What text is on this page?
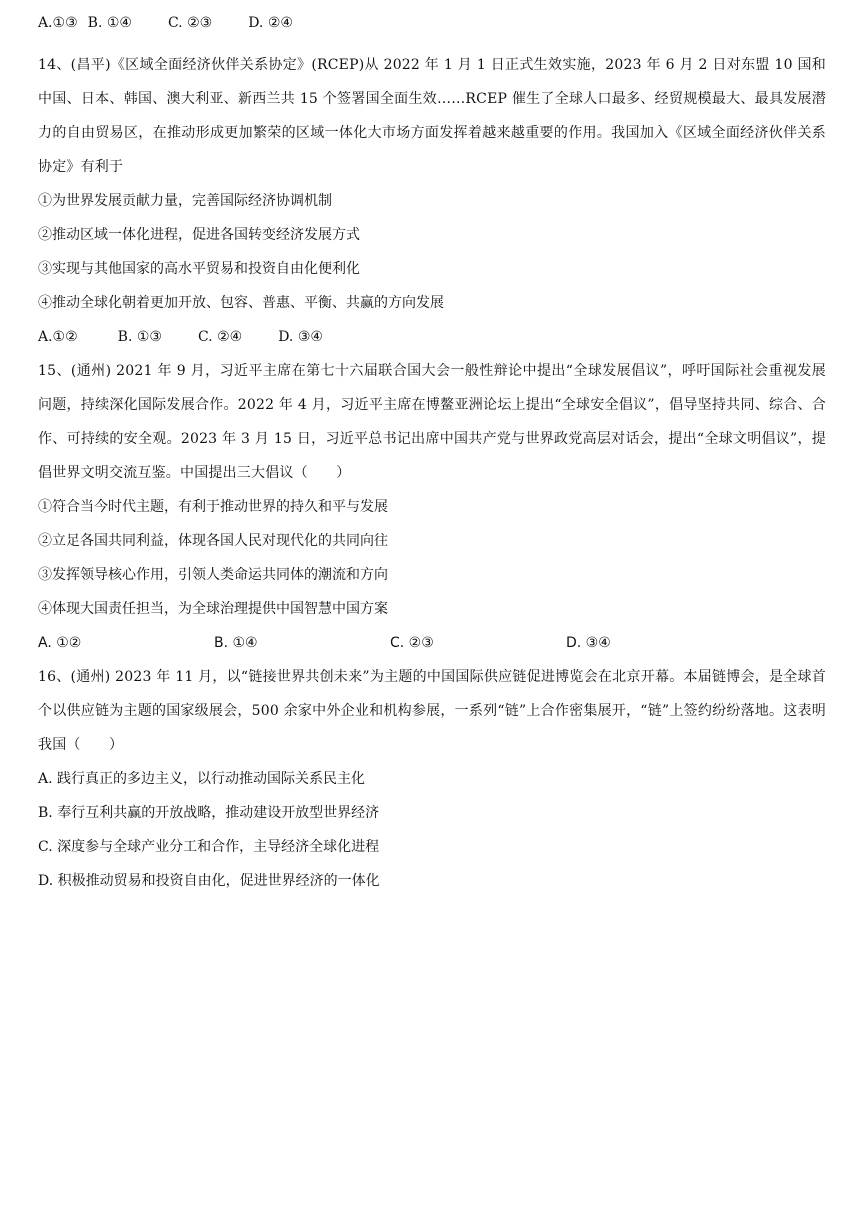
A.①③ B. ①④	C. ②③	D. ②④
14、(昌平)《区域全面经济伙伴关系协定》(RCEP)从 2022 年 1 月 1 日正式生效实施，2023 年 6 月 2 日对东盟 10 国和中国、日本、韩国、澳大利亚、新西兰共 15 个签署国全面生效……RCEP 催生了全球人口最多、经贸规模最大、最具发展潜力的自由贸易区，在推动形成更加繁荣的区域一体化大市场方面发挥着越来越重要的作用。我国加入《区域全面经济伙伴关系协定》有利于
①为世界发展贡献力量，完善国际经济协调机制
②推动区域一体化进程，促进各国转变经济发展方式
③实现与其他国家的高水平贸易和投资自由化便利化
④推动全球化朝着更加开放、包容、普惠、平衡、共赢的方向发展
A.①②	B. ①③	C. ②④	D. ③④
15、(通州) 2021 年 9 月，习近平主席在第七十六届联合国大会一般性辩论中提出“全球发展倡议”，呼吁国际社会重视发展问题，持续深化国际发展合作。2022 年 4 月，习近平主席在博鳌亚洲论坛上提出“全球安全倡议”，倡导坚持共同、综合、合作、可持续的安全观。2023 年 3 月 15 日，习近平总书记出席中国共产党与世界政党高层对话会，提出“全球文明倡议”，提倡世界文明交流互鉴。中国提出三大倡议（　　）
①符合当今时代主题，有利于推动世界的持久和平与发展
②立足各国共同利益，体现各国人民对现代化的共同向往
③发挥领导核心作用，引领人类命运共同体的潮流和方向
④体现大国责任担当，为全球治理提供中国智慧中国方案
A. ①②	B. ①④	C. ②③	D. ③④
16、(通州) 2023 年 11 月，以“链接世界共创未来”为主题的中国国际供应链促进博览会在北京开幕。本届链博会，是全球首个以供应链为主题的国家级展会，500 余家中外企业和机构参展，一系列“链”上合作密集展开，“链”上签约纷纷落地。这表明我国（　　）
A. 践行真正的多边主义，以行动推动国际关系民主化
B. 奉行互利共赢的开放战略，推动建设开放型世界经济
C. 深度参与全球产业分工和合作，主导经济全球化进程
D. 积极推动贸易和投资自由化，促进世界经济的一体化
